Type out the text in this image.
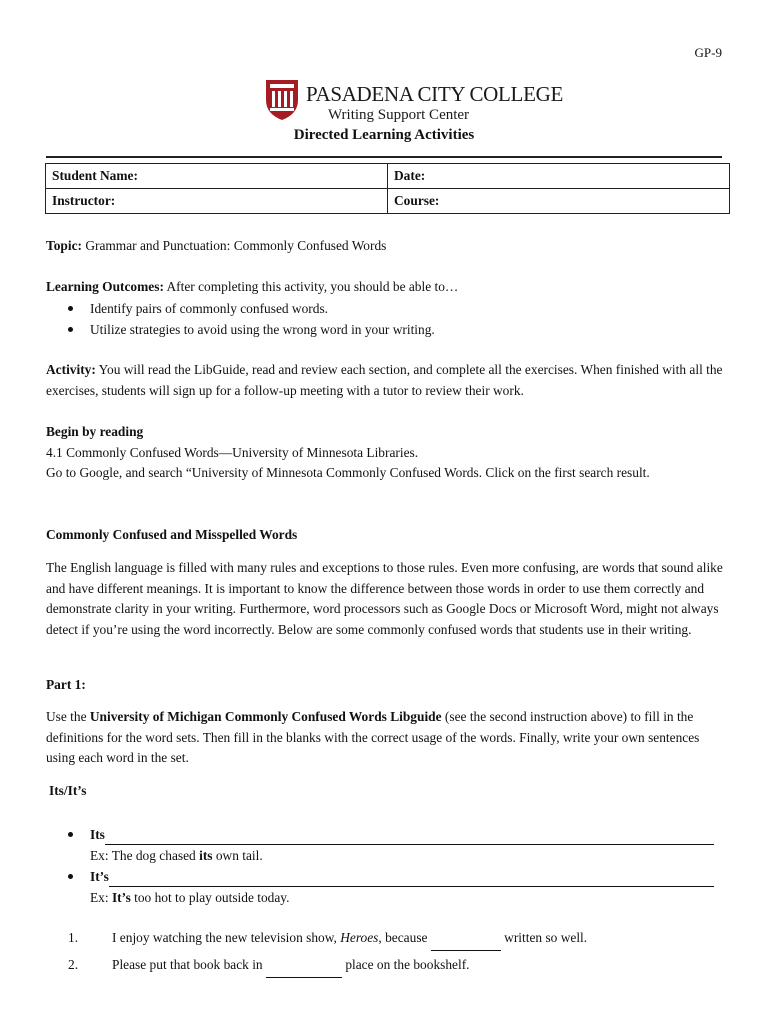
GP-9
PASADENA CITY COLLEGE
Writing Support Center
Directed Learning Activities
Student Name:	Date:
Instructor:	Course:

Topic: Grammar and Punctuation: Commonly Confused Words

Learning Outcomes: After completing this activity, you should be able to…

Identify pairs of commonly confused words.
Utilize strategies to avoid using the wrong word in your writing.

Activity: You will read the LibGuide, read and review each section, and complete all the exercises. When finished with all the exercises, students will sign up for a follow-up meeting with a tutor to review their work.

Begin by reading

4.1 Commonly Confused Words—University of Minnesota Libraries.

Go to Google, and search “University of Minnesota Commonly Confused Words. Click on the first search result.

Commonly Confused and Misspelled Words

The English language is filled with many rules and exceptions to those rules. Even more confusing, are words that sound alike and have different meanings. It is important to know the difference between those words in order to use them correctly and demonstrate clarity in your writing. Furthermore, word processors such as Google Docs or Microsoft Word, might not always detect if you’re using the word incorrectly. Below are some commonly confused words that students use in their writing.

Part 1:

Use the University of Michigan Commonly Confused Words Libguide (see the second instruction above) to fill in the definitions for the word sets. Then fill in the blanks with the correct usage of the words. Finally, write your own sentences using each word in the set.

Its/It’s

Its
Ex: The dog chased its own tail.
It’s
Ex: It’s too hot to play outside today.
1.	I enjoy watching the new television show, Heroes, because	written so well.
2.	Please put that book back in	place on the bookshelf.
